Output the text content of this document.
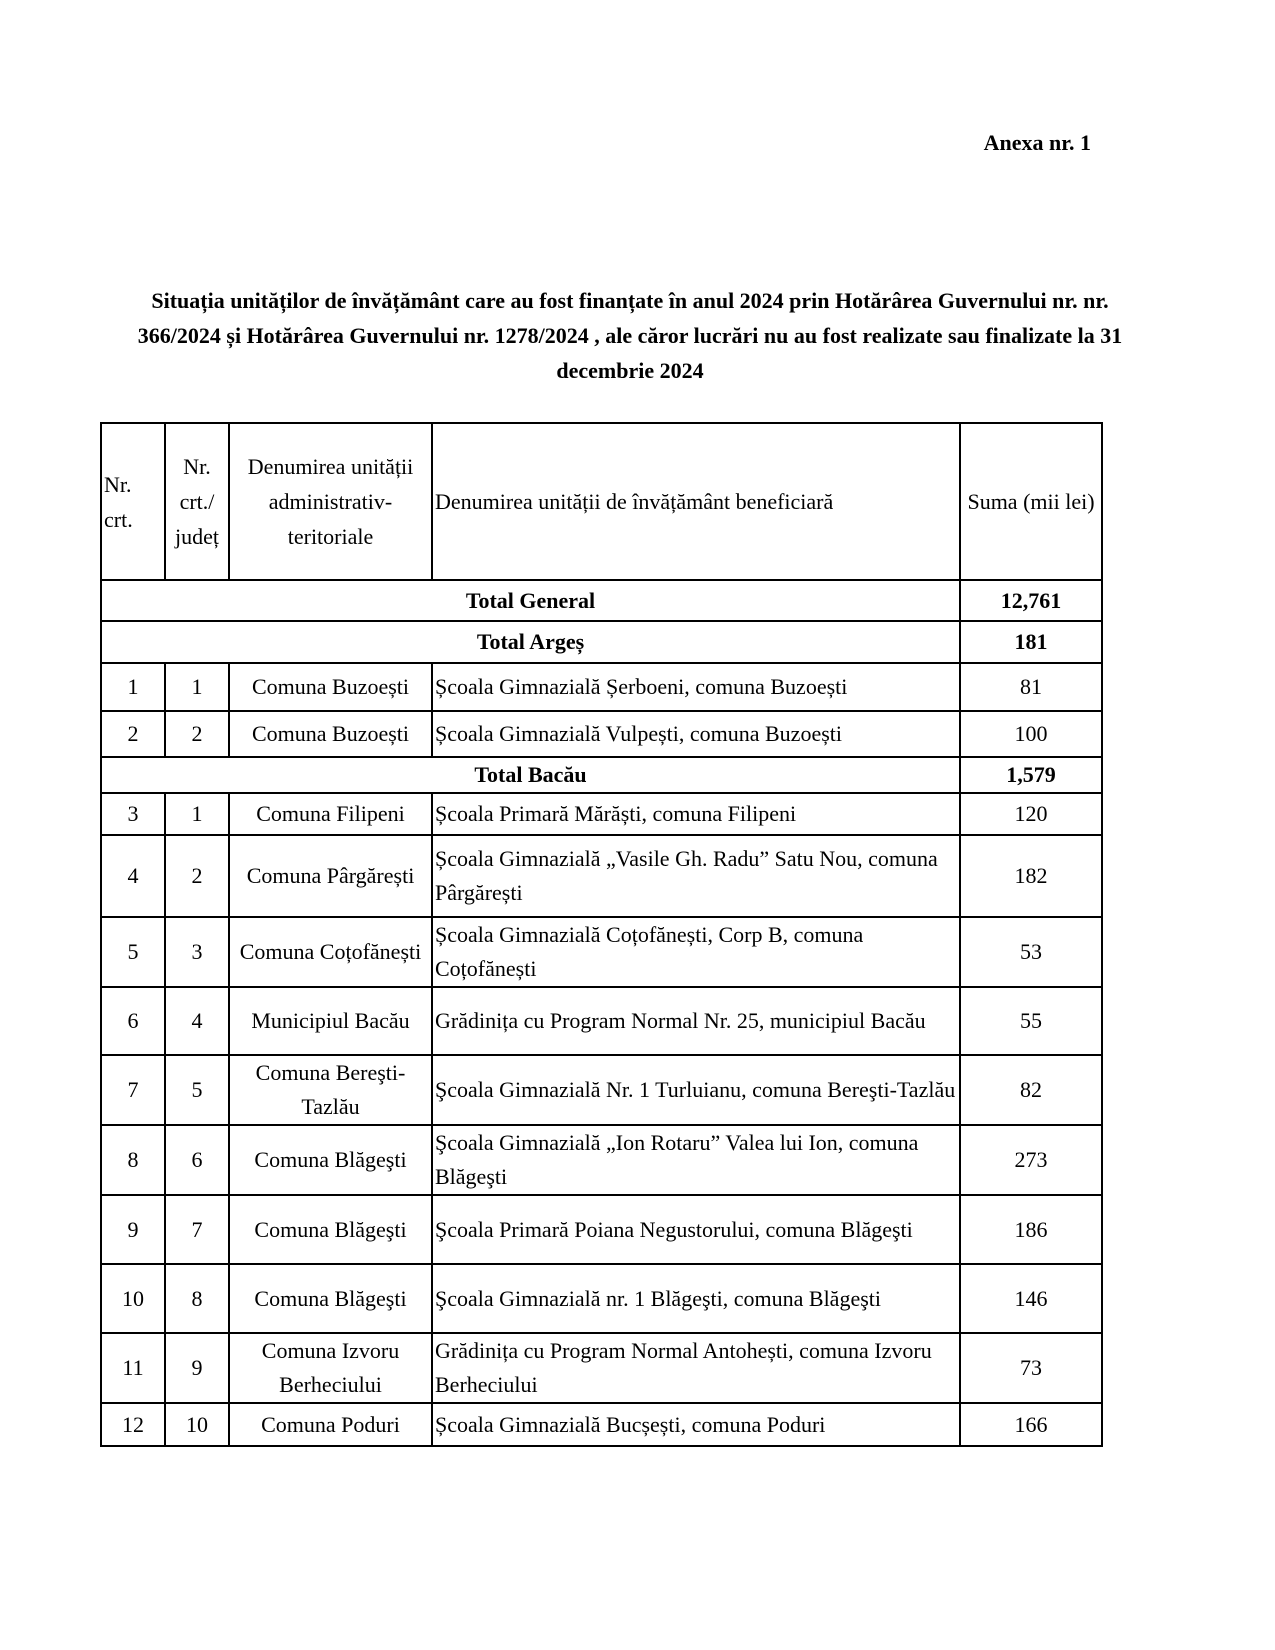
Anexa nr. 1
Situația unităților de învățământ care au fost finanțate în anul 2024 prin Hotărârea Guvernului nr. nr. 366/2024 și Hotărârea Guvernului nr. 1278/2024 , ale căror lucrări nu au fost realizate sau finalizate la 31 decembrie 2024
Nr. crt.	Nr. crt./ județ	Denumirea unității administrativ-teritoriale	Denumirea unității de învățământ beneficiară	Suma (mii lei)
Total General				12,761
Total Argeș				181
1	1	Comuna Buzoești	Școala Gimnazială Șerboeni, comuna Buzoești	81
2	2	Comuna Buzoești	Școala Gimnazială Vulpești, comuna Buzoești	100
Total Bacău				1,579
3	1	Comuna Filipeni	Școala Primară Mărăști, comuna Filipeni	120
4	2	Comuna Pârgărești	Școala Gimnazială „Vasile Gh. Radu” Satu Nou, comuna Pârgărești	182
5	3	Comuna Coțofănești	Școala Gimnazială Coțofănești, Corp B, comuna Coțofănești	53
6	4	Municipiul Bacău	Grădinița cu Program Normal Nr. 25, municipiul Bacău	55
7	5	Comuna Bereşti-Tazlău	Şcoala Gimnazială Nr. 1 Turluianu, comuna Bereşti-Tazlău	82
8	6	Comuna Blăgeşti	Şcoala Gimnazială „Ion Rotaru” Valea lui Ion, comuna Blăgeşti	273
9	7	Comuna Blăgeşti	Şcoala Primară Poiana Negustorului, comuna Blăgeşti	186
10	8	Comuna Blăgeşti	Şcoala Gimnazială nr. 1 Blăgeşti, comuna Blăgeşti	146
11	9	Comuna Izvoru Berheciului	Grădinița cu Program Normal Antohești, comuna Izvoru Berheciului	73
12	10	Comuna Poduri	Școala Gimnazială Bucșești, comuna Poduri	166
